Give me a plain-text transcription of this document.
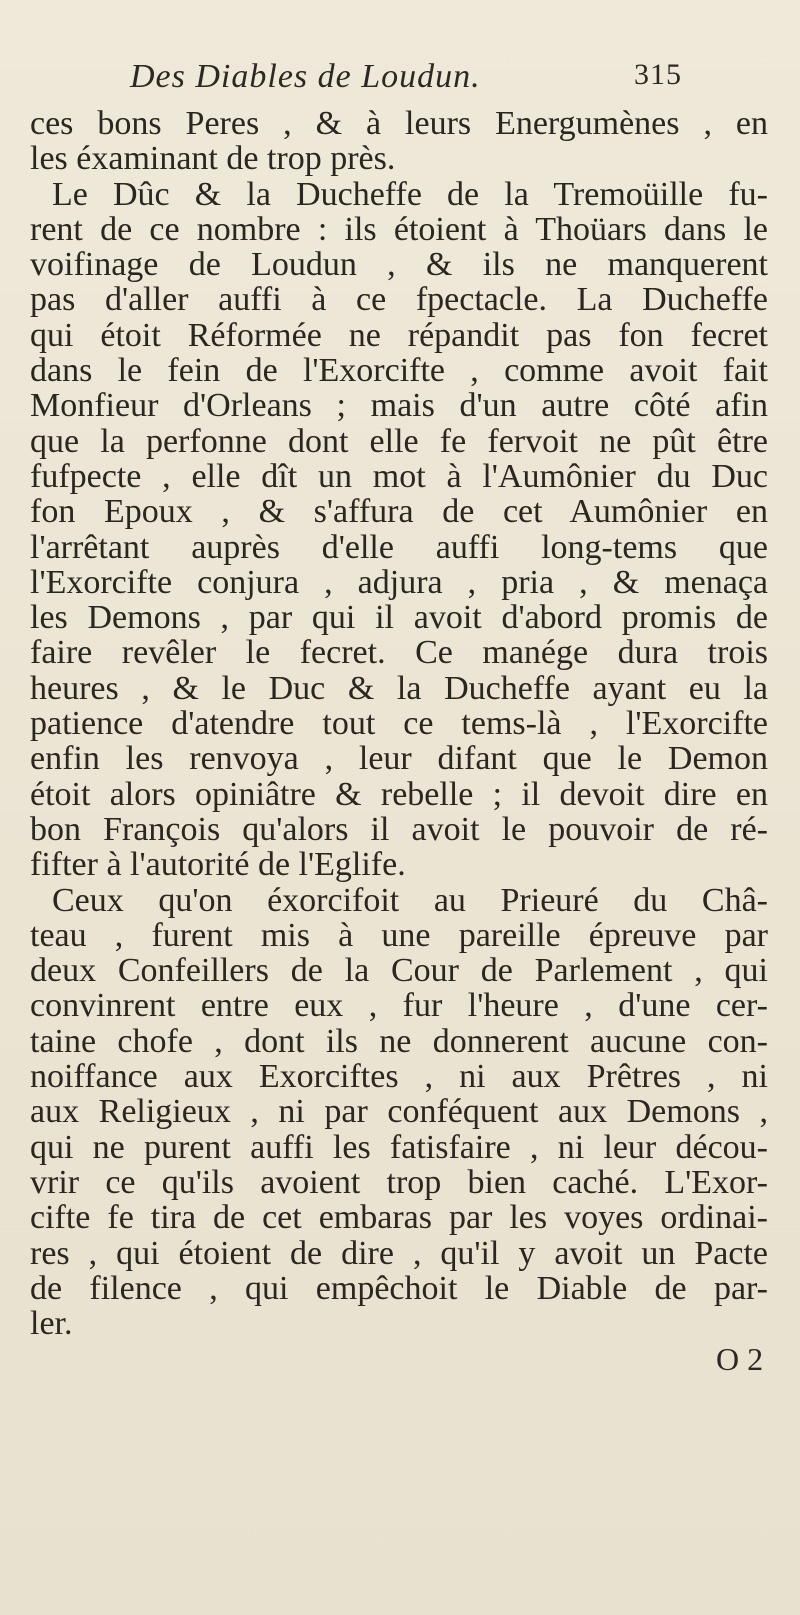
Des Diables de Loudun.	315
ces bons Peres , & à leurs Energumènes , en
les éxaminant de trop près.
Le Dûc & la Ducheffe de la Tremoüille fu-
rent de ce nombre : ils étoient à Thoüars dans le
voifinage de Loudun , & ils ne manquerent
pas d'aller auffi à ce fpectacle. La Ducheffe
qui étoit Réformée ne répandit pas fon fecret
dans le fein de l'Exorcifte , comme avoit fait
Monfieur d'Orleans ; mais d'un autre côté afin
que la perfonne dont elle fe fervoit ne pût être
fufpecte , elle dît un mot à l'Aumônier du Duc
fon Epoux , & s'affura de cet Aumônier en
l'arrêtant auprès d'elle auffi long-tems que
l'Exorcifte conjura , adjura , pria , & menaça
les Demons , par qui il avoit d'abord promis de
faire revêler le fecret. Ce manége dura trois
heures , & le Duc & la Ducheffe ayant eu la
patience d'atendre tout ce tems-là , l'Exorcifte
enfin les renvoya , leur difant que le Demon
étoit alors opiniâtre & rebelle ; il devoit dire en
bon François qu'alors il avoit le pouvoir de ré-
fifter à l'autorité de l'Eglife.
Ceux qu'on éxorcifoit au Prieuré du Châ-
teau , furent mis à une pareille épreuve par
deux Confeillers de la Cour de Parlement , qui
convinrent entre eux , fur l'heure , d'une cer-
taine chofe , dont ils ne donnerent aucune con-
noiffance aux Exorciftes , ni aux Prêtres , ni
aux Religieux , ni par conféquent aux Demons ,
qui ne purent auffi les fatisfaire , ni leur décou-
vrir ce qu'ils avoient trop bien caché. L'Exor-
cifte fe tira de cet embaras par les voyes ordinai-
res , qui étoient de dire , qu'il y avoit un Pacte
de filence , qui empêchoit le Diable de par-
ler.
O 2
